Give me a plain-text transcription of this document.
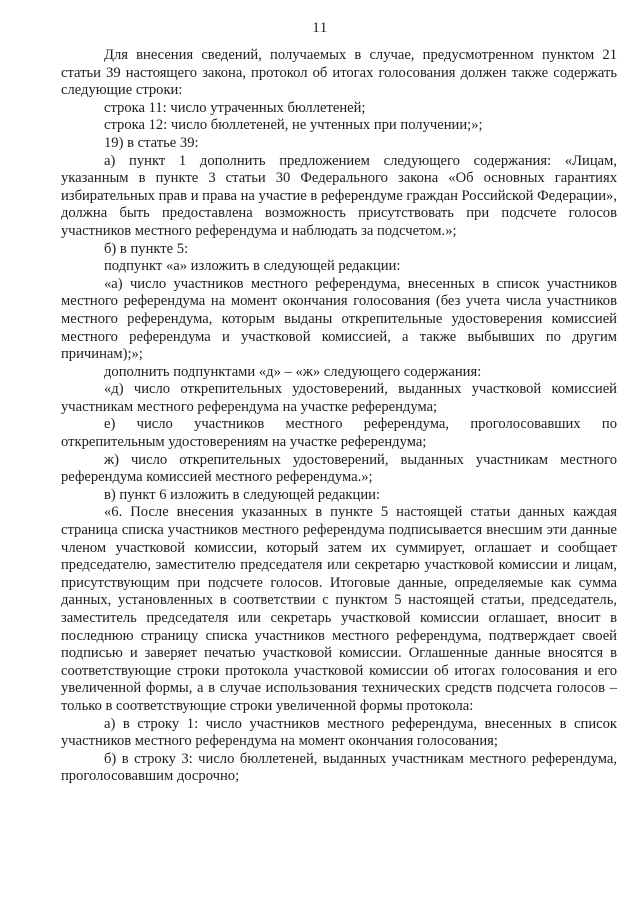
11

Для внесения сведений, получаемых в случае, предусмотренном пунктом 21 статьи 39 настоящего закона, протокол об итогах голосования должен также содержать следующие строки:

строка 11: число утраченных бюллетеней;

строка 12: число бюллетеней, не учтенных при получении;»;

19) в статье 39:

а) пункт 1 дополнить предложением следующего содержания: «Лицам, указанным в пункте 3 статьи 30 Федерального закона «Об основных гарантиях избирательных прав и права на участие в референдуме граждан Российской Федерации», должна быть предоставлена возможность присутствовать при подсчете голосов участников местного референдума и наблюдать за подсчетом.»;

б) в пункте 5:

подпункт «а» изложить в следующей редакции:

«а) число участников местного референдума, внесенных в список участников местного референдума на момент окончания голосования (без учета числа участников местного референдума, которым выданы открепительные удостоверения комиссией местного референдума и участковой комиссией, а также выбывших по другим причинам);»;

дополнить подпунктами «д» – «ж» следующего содержания:

«д) число открепительных удостоверений, выданных участковой комиссией участникам местного референдума на участке референдума;

е) число участников местного референдума, проголосовавших по открепительным удостоверениям на участке референдума;

ж) число открепительных удостоверений, выданных участникам местного референдума комиссией местного референдума.»;

в) пункт 6 изложить в следующей редакции:

«6. После внесения указанных в пункте 5 настоящей статьи данных каждая страница списка участников местного референдума подписывается внесшим эти данные членом участковой комиссии, который затем их суммирует, оглашает и сообщает председателю, заместителю председателя или секретарю участковой комиссии и лицам, присутствующим при подсчете голосов. Итоговые данные, определяемые как сумма данных, установленных в соответствии с пунктом 5 настоящей статьи, председатель, заместитель председателя или секретарь участковой комиссии оглашает, вносит в последнюю страницу списка участников местного референдума, подтверждает своей подписью и заверяет печатью участковой комиссии. Оглашенные данные вносятся в соответствующие строки протокола участковой комиссии об итогах голосования и его увеличенной формы, а в случае использования технических средств подсчета голосов – только в соответствующие строки увеличенной формы протокола:

а) в строку 1: число участников местного референдума, внесенных в список участников местного референдума на момент окончания голосования;

б) в строку 3: число бюллетеней, выданных участникам местного референдума, проголосовавшим досрочно;
